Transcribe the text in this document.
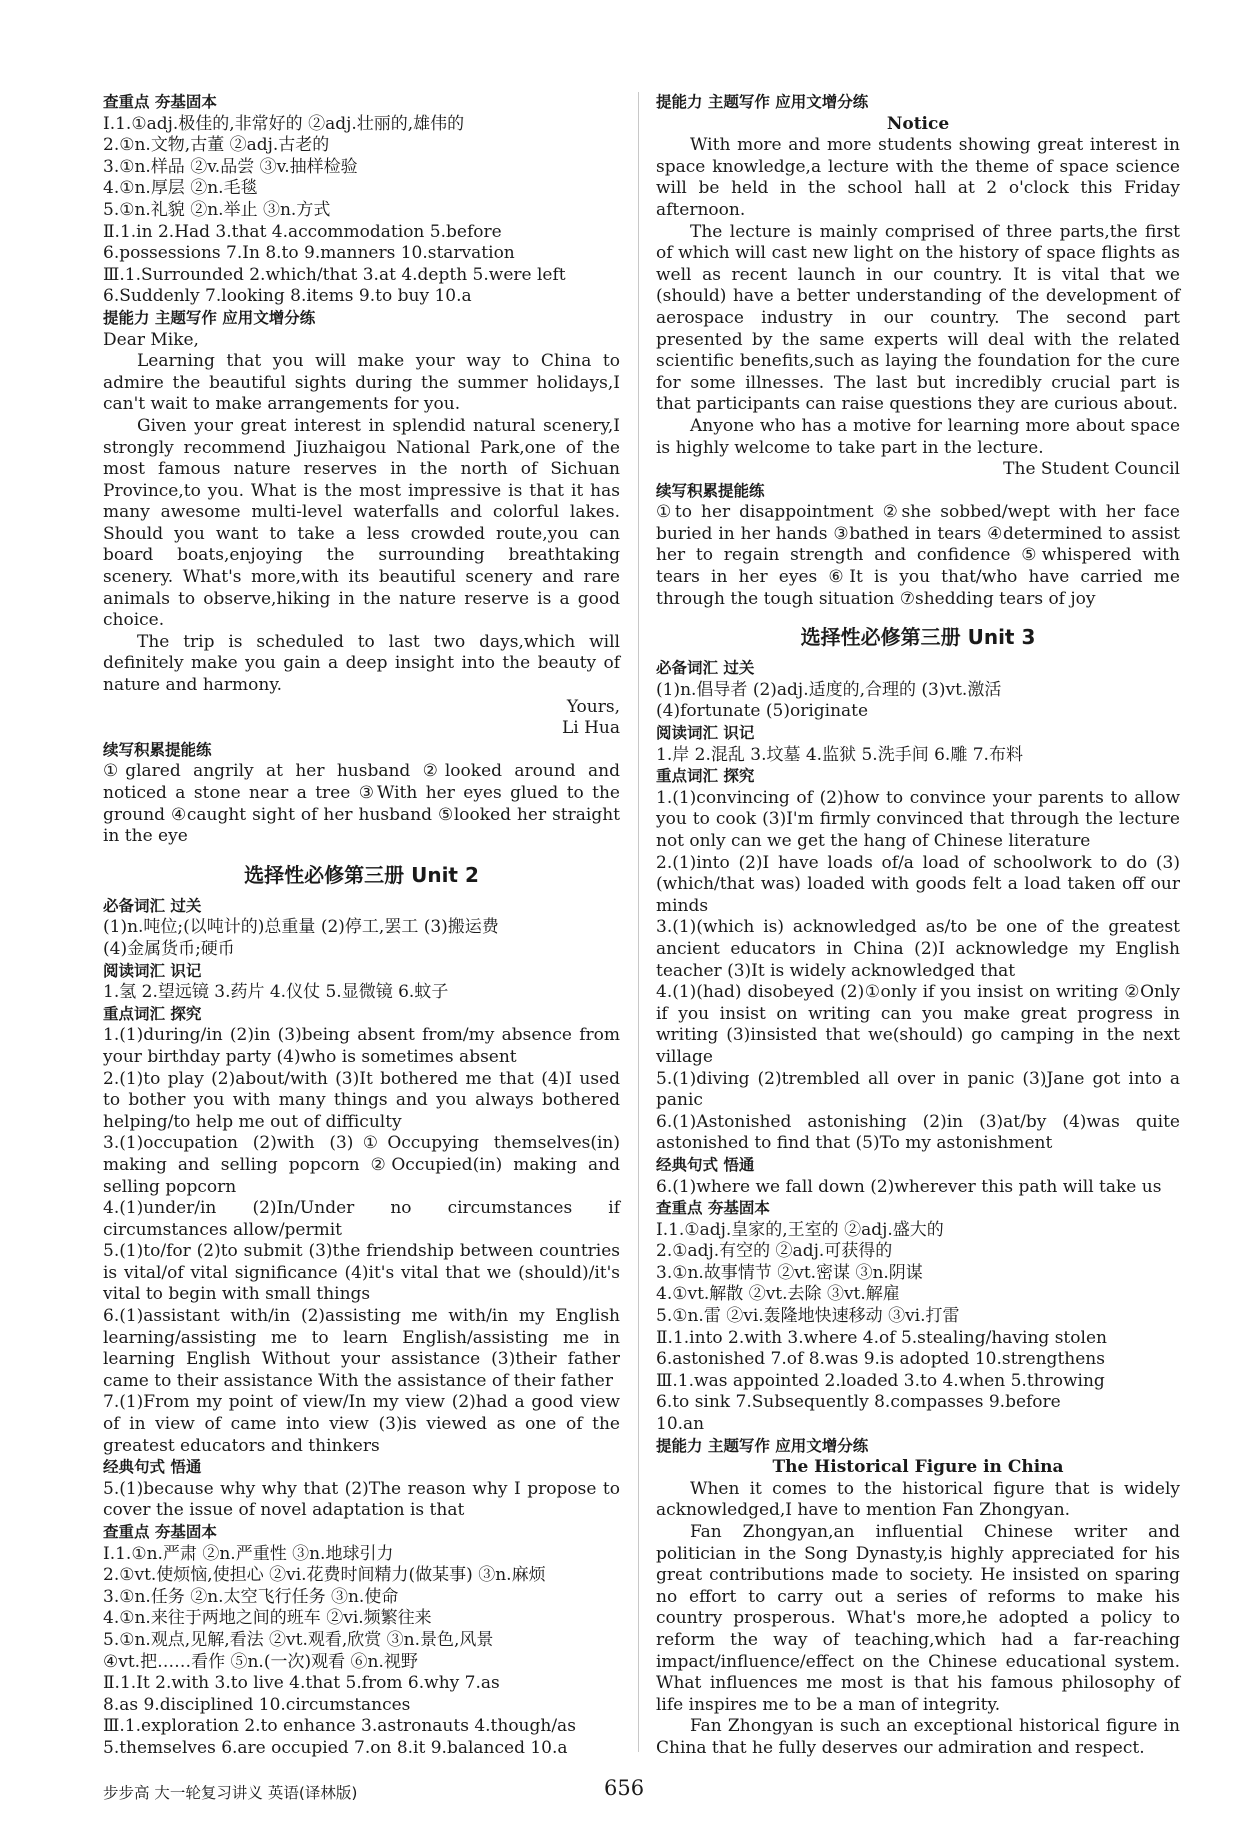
查重点 夯基固本

Ⅰ.1.①adj.极佳的,非常好的 ②adj.壮丽的,雄伟的

2.①n.文物,古董 ②adj.古老的

3.①n.样品 ②v.品尝 ③v.抽样检验

4.①n.厚层 ②n.毛毯

5.①n.礼貌 ②n.举止 ③n.方式

Ⅱ.1.in 2.Had 3.that 4.accommodation 5.before

6.possessions 7.In 8.to 9.manners 10.starvation

Ⅲ.1.Surrounded 2.which/that 3.at 4.depth 5.were left

6.Suddenly 7.looking 8.items 9.to buy 10.a

提能力 主题写作 应用文增分练

Dear Mike,

Learning that you will make your way to China to admire the beautiful sights during the summer holidays,I can't wait to make arrangements for you.

Given your great interest in splendid natural scenery,I strongly recommend Jiuzhaigou National Park,one of the most famous nature reserves in the north of Sichuan Province,to you. What is the most impressive is that it has many awesome multi-level waterfalls and colorful lakes. Should you want to take a less crowded route,you can board boats,enjoying the surrounding breathtaking scenery. What's more,with its beautiful scenery and rare animals to observe,hiking in the nature reserve is a good choice.

The trip is scheduled to last two days,which will definitely make you gain a deep insight into the beauty of nature and harmony.

Yours,

Li Hua

续写积累提能练

①glared angrily at her husband ②looked around and noticed a stone near a tree ③With her eyes glued to the ground ④caught sight of her husband ⑤looked her straight in the eye

选择性必修第三册 Unit 2

必备词汇 过关

(1)n.吨位;(以吨计的)总重量 (2)停工,罢工 (3)搬运费

(4)金属货币;硬币

阅读词汇 识记

1.氢 2.望远镜 3.药片 4.仪仗 5.显微镜 6.蚊子

重点词汇 探究

1.(1)during/in (2)in (3)being absent from/my absence from your birthday party (4)who is sometimes absent

2.(1)to play (2)about/with (3)It bothered me that (4)I used to bother you with many things and you always bothered helping/to help me out of difficulty

3.(1)occupation (2)with (3)①Occupying themselves(in) making and selling popcorn ②Occupied(in) making and selling popcorn

4.(1)under/in (2)In/Under no circumstances if circumstances allow/permit

5.(1)to/for (2)to submit (3)the friendship between countries is vital/of vital significance (4)it's vital that we (should)/it's vital to begin with small things

6.(1)assistant with/in (2)assisting me with/in my English learning/assisting me to learn English/assisting me in learning English Without your assistance (3)their father came to their assistance With the assistance of their father

7.(1)From my point of view/In my view (2)had a good view of in view of came into view (3)is viewed as one of the greatest educators and thinkers

经典句式 悟通

5.(1)because why why that (2)The reason why I propose to cover the issue of novel adaptation is that

查重点 夯基固本

Ⅰ.1.①n.严肃 ②n.严重性 ③n.地球引力

2.①vt.使烦恼,使担心 ②vi.花费时间精力(做某事) ③n.麻烦

3.①n.任务 ②n.太空飞行任务 ③n.使命

4.①n.来往于两地之间的班车 ②vi.频繁往来

5.①n.观点,见解,看法 ②vt.观看,欣赏 ③n.景色,风景

④vt.把……看作 ⑤n.(一次)观看 ⑥n.视野

Ⅱ.1.It 2.with 3.to live 4.that 5.from 6.why 7.as

8.as 9.disciplined 10.circumstances

Ⅲ.1.exploration 2.to enhance 3.astronauts 4.though/as

5.themselves 6.are occupied 7.on 8.it 9.balanced 10.a

提能力 主题写作 应用文增分练

Notice

With more and more students showing great interest in space knowledge,a lecture with the theme of space science will be held in the school hall at 2 o'clock this Friday afternoon.

The lecture is mainly comprised of three parts,the first of which will cast new light on the history of space flights as well as recent launch in our country. It is vital that we (should) have a better understanding of the development of aerospace industry in our country. The second part presented by the same experts will deal with the related scientific benefits,such as laying the foundation for the cure for some illnesses. The last but incredibly crucial part is that participants can raise questions they are curious about.

Anyone who has a motive for learning more about space is highly welcome to take part in the lecture.

The Student Council

续写积累提能练

①to her disappointment ②she sobbed/wept with her face buried in her hands ③bathed in tears ④determined to assist her to regain strength and confidence ⑤whispered with tears in her eyes ⑥It is you that/who have carried me through the tough situation ⑦shedding tears of joy

选择性必修第三册 Unit 3

必备词汇 过关

(1)n.倡导者 (2)adj.适度的,合理的 (3)vt.激活

(4)fortunate (5)originate

阅读词汇 识记

1.岸 2.混乱 3.坟墓 4.监狱 5.洗手间 6.雕 7.布料

重点词汇 探究

1.(1)convincing of (2)how to convince your parents to allow you to cook (3)I'm firmly convinced that through the lecture not only can we get the hang of Chinese literature

2.(1)into (2)I have loads of/a load of schoolwork to do (3)(which/that was) loaded with goods felt a load taken off our minds

3.(1)(which is) acknowledged as/to be one of the greatest ancient educators in China (2)I acknowledge my English teacher (3)It is widely acknowledged that

4.(1)(had) disobeyed (2)①only if you insist on writing ②Only if you insist on writing can you make great progress in writing (3)insisted that we(should) go camping in the next village

5.(1)diving (2)trembled all over in panic (3)Jane got into a panic

6.(1)Astonished astonishing (2)in (3)at/by (4)was quite astonished to find that (5)To my astonishment

经典句式 悟通

6.(1)where we fall down (2)wherever this path will take us

查重点 夯基固本

Ⅰ.1.①adj.皇家的,王室的 ②adj.盛大的

2.①adj.有空的 ②adj.可获得的

3.①n.故事情节 ②vt.密谋 ③n.阴谋

4.①vt.解散 ②vt.去除 ③vt.解雇

5.①n.雷 ②vi.轰隆地快速移动 ③vi.打雷

Ⅱ.1.into 2.with 3.where 4.of 5.stealing/having stolen

6.astonished 7.of 8.was 9.is adopted 10.strengthens

Ⅲ.1.was appointed 2.loaded 3.to 4.when 5.throwing

6.to sink 7.Subsequently 8.compasses 9.before

10.an

提能力 主题写作 应用文增分练

The Historical Figure in China

When it comes to the historical figure that is widely acknowledged,I have to mention Fan Zhongyan.

Fan Zhongyan,an influential Chinese writer and politician in the Song Dynasty,is highly appreciated for his great contributions made to society. He insisted on sparing no effort to carry out a series of reforms to make his country prosperous. What's more,he adopted a policy to reform the way of teaching,which had a far-reaching impact/influence/effect on the Chinese educational system. What influences me most is that his famous philosophy of life inspires me to be a man of integrity.

Fan Zhongyan is such an exceptional historical figure in China that he fully deserves our admiration and respect.

步步高 大一轮复习讲义 英语(译林版)	656
